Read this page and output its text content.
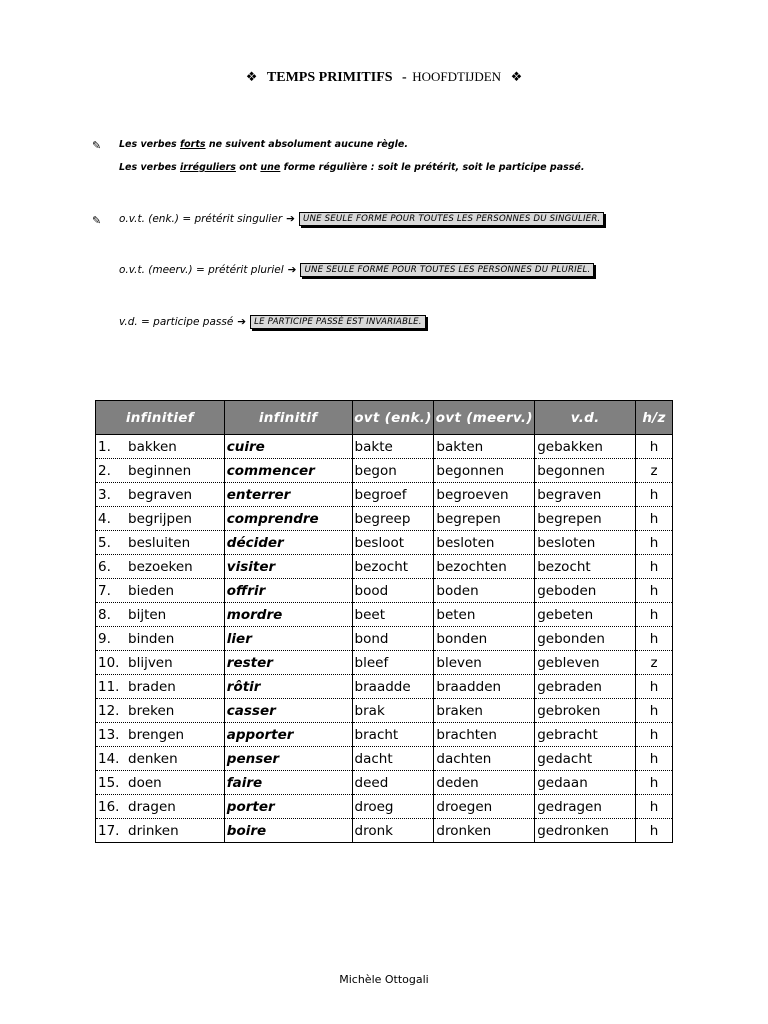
❖ TEMPS PRIMITIFS - HOOFDTIJDEN ❖
✎ Les verbes forts ne suivent absolument aucune règle.
Les verbes irréguliers ont une forme régulière : soit le prétérit, soit le participe passé.
✎ o.v.t. (enk.) = prétérit singulier ➔ UNE SEULE FORME POUR TOUTES LES PERSONNES DU SINGULIER.
o.v.t. (meerv.) = prétérit pluriel ➔ UNE SEULE FORME POUR TOUTES LES PERSONNES DU PLURIEL.
v.d. = participe passé ➔ LE PARTICIPE PASSÉ EST INVARIABLE.
infinitief	infinitif	ovt (enk.)	ovt (meerv.)	v.d.	h/z
1. bakken	cuire	bakte	bakten	gebakken	h
2. beginnen	commencer	begon	begonnen	begonnen	z
3. begraven	enterrer	begroef	begroeven	begraven	h
4. begrijpen	comprendre	begreep	begrepen	begrepen	h
5. besluiten	décider	besloot	besloten	besloten	h
6. bezoeken	visiter	bezocht	bezochten	bezocht	h
7. bieden	offrir	bood	boden	geboden	h
8. bijten	mordre	beet	beten	gebeten	h
9. binden	lier	bond	bonden	gebonden	h
10. blijven	rester	bleef	bleven	gebleven	z
11. braden	rôtir	braadde	braadden	gebraden	h
12. breken	casser	brak	braken	gebroken	h
13. brengen	apporter	bracht	brachten	gebracht	h
14. denken	penser	dacht	dachten	gedacht	h
15. doen	faire	deed	deden	gedaan	h
16. dragen	porter	droeg	droegen	gedragen	h
17. drinken	boire	dronk	dronken	gedronken	h
Michèle Ottogali
